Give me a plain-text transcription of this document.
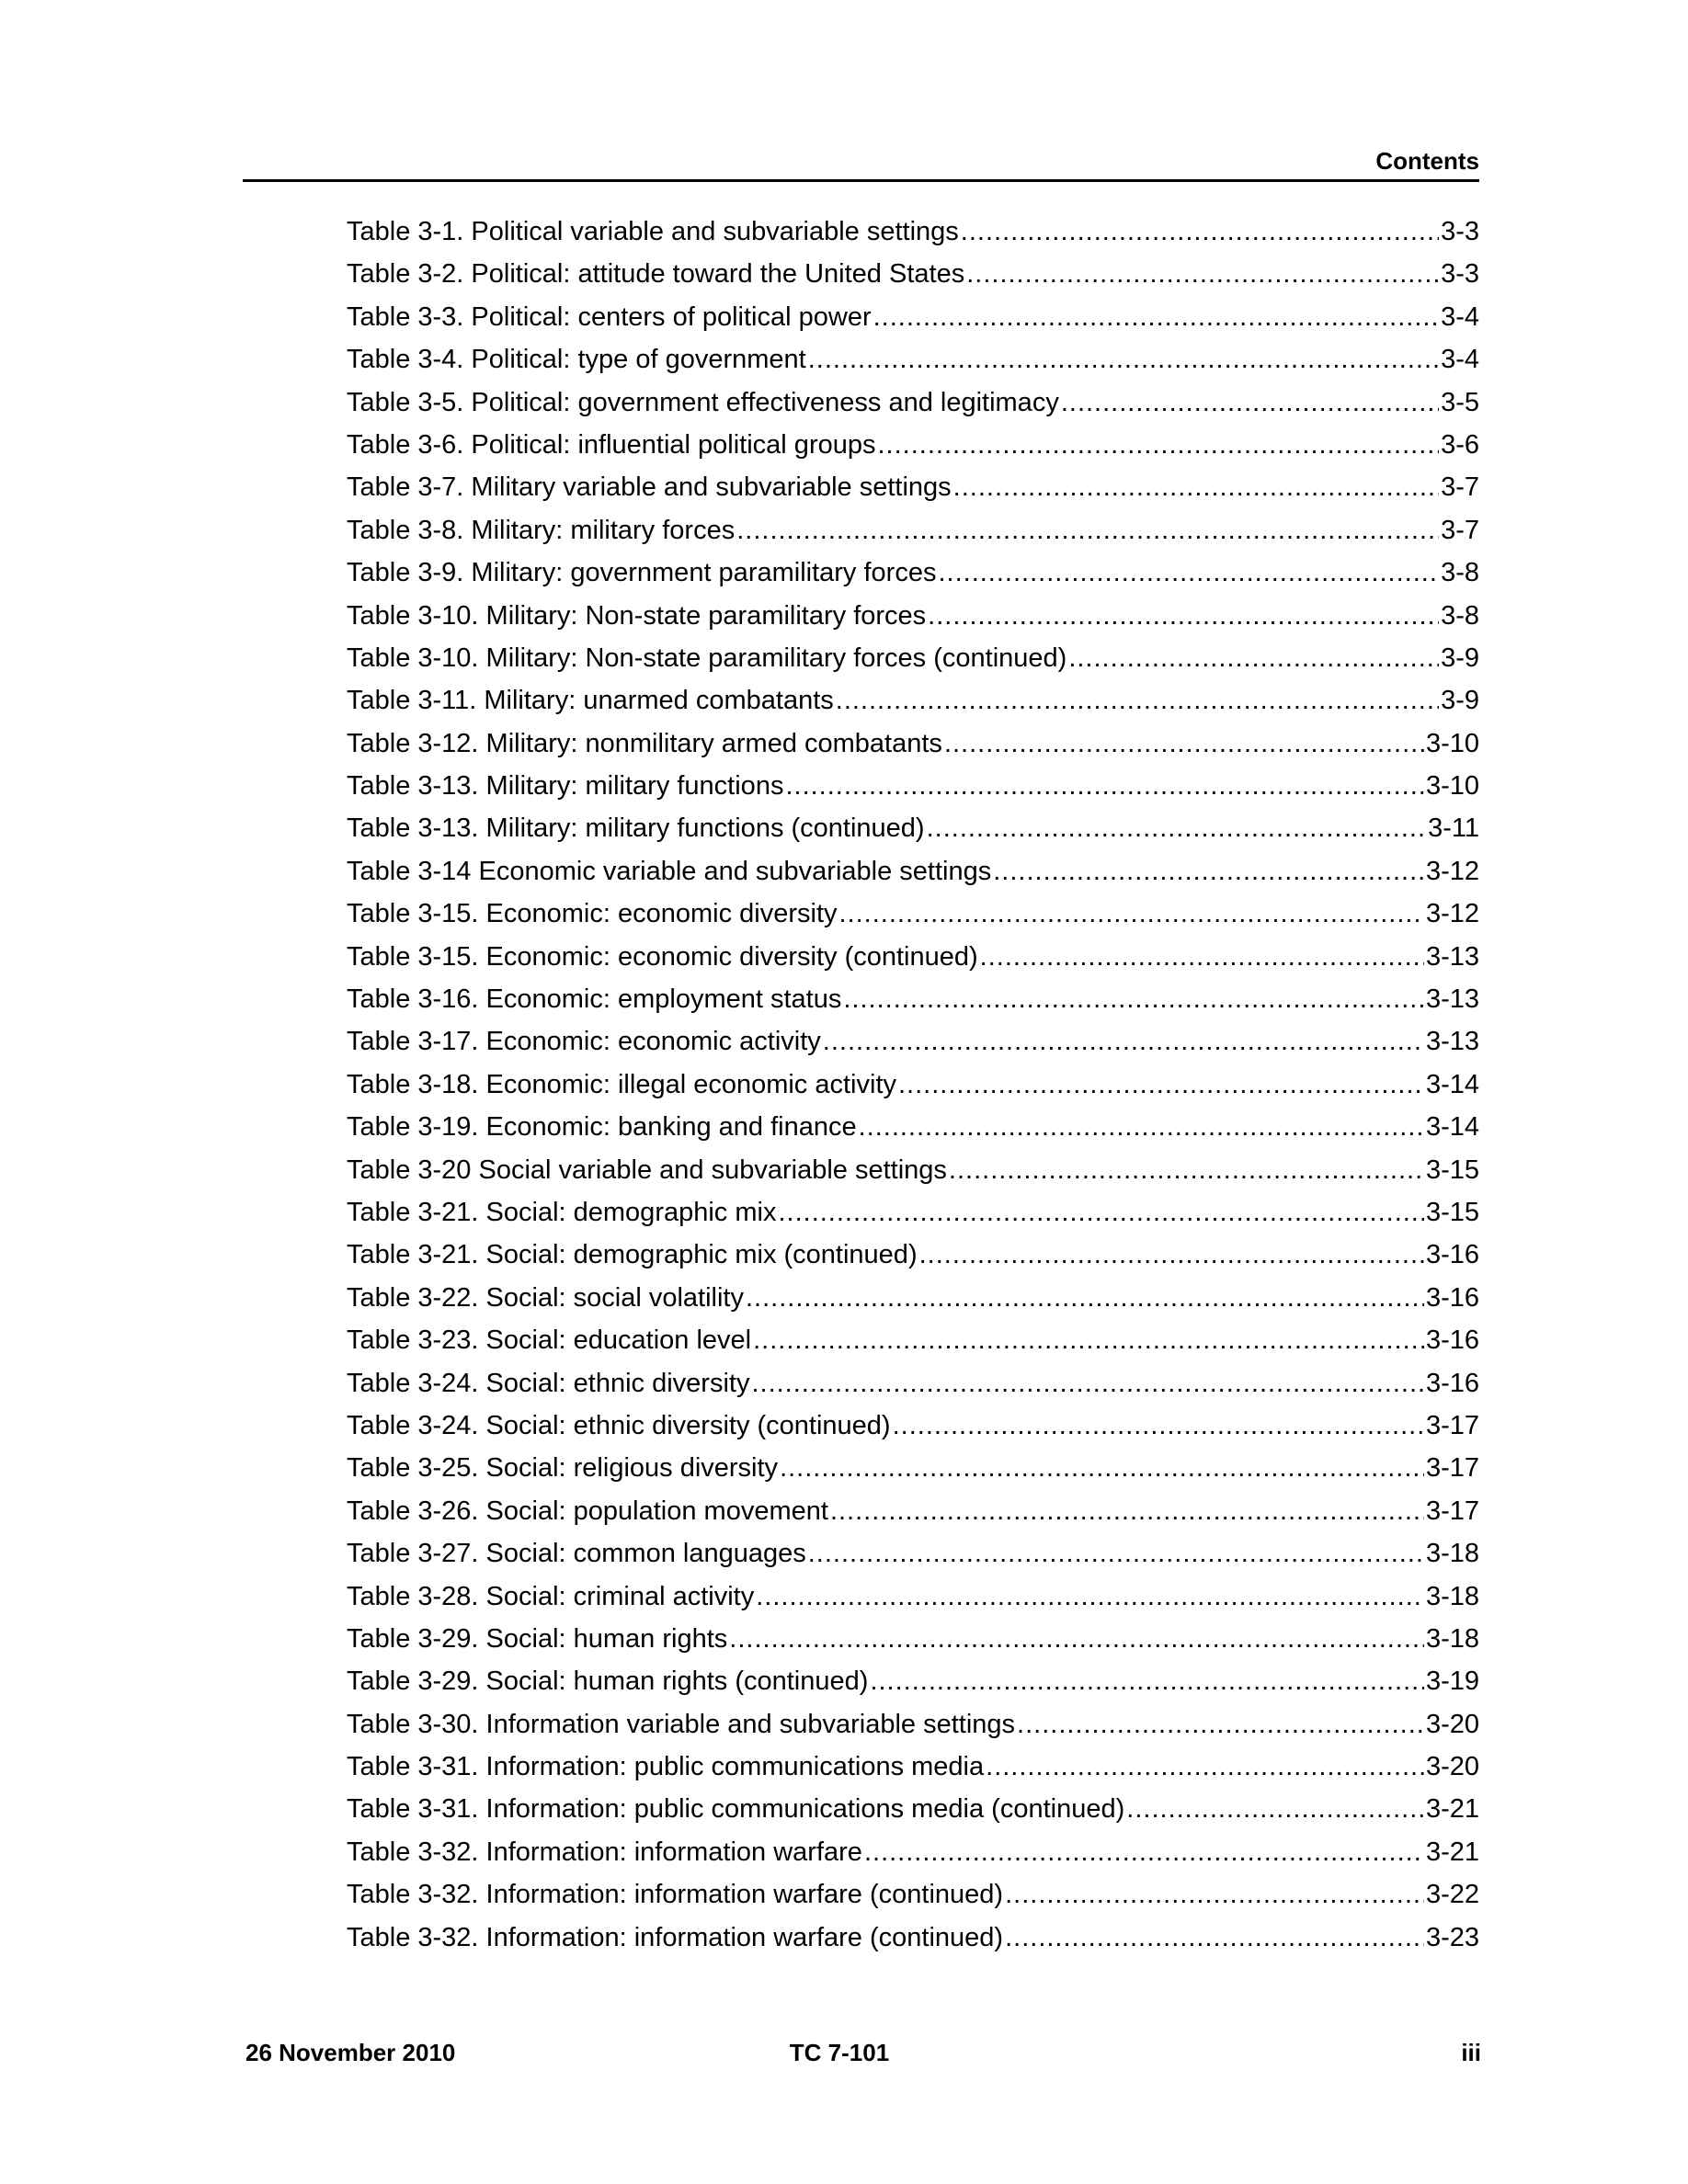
Contents
Table 3-1. Political variable and subvariable settings .....	3-3
Table 3-2. Political: attitude toward the United States .....	3-3
Table 3-3. Political: centers of political power .....	3-4
Table 3-4. Political: type of government .....	3-4
Table 3-5. Political: government effectiveness and legitimacy .....	3-5
Table 3-6. Political: influential political groups .....	3-6
Table 3-7. Military variable and subvariable settings .....	3-7
Table 3-8. Military: military forces .....	3-7
Table 3-9. Military: government paramilitary forces .....	3-8
Table 3-10. Military: Non-state paramilitary forces .....	3-8
Table 3-10. Military: Non-state paramilitary forces (continued) .....	3-9
Table 3-11. Military: unarmed combatants .....	3-9
Table 3-12. Military: nonmilitary armed combatants .....	3-10
Table 3-13. Military: military functions .....	3-10
Table 3-13. Military: military functions (continued) .....	3-11
Table 3-14 Economic variable and subvariable settings .....	3-12
Table 3-15. Economic: economic diversity .....	3-12
Table 3-15. Economic: economic diversity (continued) .....	3-13
Table 3-16. Economic: employment status .....	3-13
Table 3-17. Economic: economic activity .....	3-13
Table 3-18. Economic: illegal economic activity .....	3-14
Table 3-19. Economic: banking and finance .....	3-14
Table 3-20 Social variable and subvariable settings .....	3-15
Table 3-21. Social: demographic mix .....	3-15
Table 3-21. Social: demographic mix (continued) .....	3-16
Table 3-22. Social: social volatility .....	3-16
Table 3-23. Social: education level .....	3-16
Table 3-24. Social: ethnic diversity .....	3-16
Table 3-24. Social: ethnic diversity (continued) .....	3-17
Table 3-25. Social: religious diversity .....	3-17
Table 3-26. Social: population movement .....	3-17
Table 3-27. Social: common languages .....	3-18
Table 3-28. Social: criminal activity .....	3-18
Table 3-29. Social: human rights .....	3-18
Table 3-29. Social: human rights (continued) .....	3-19
Table 3-30. Information variable and subvariable settings .....	3-20
Table 3-31. Information: public communications media .....	3-20
Table 3-31. Information: public communications media (continued) .....	3-21
Table 3-32. Information: information warfare .....	3-21
Table 3-32. Information: information warfare (continued) .....	3-22
Table 3-32. Information: information warfare (continued) .....	3-23
26 November 2010	TC 7-101	iii
